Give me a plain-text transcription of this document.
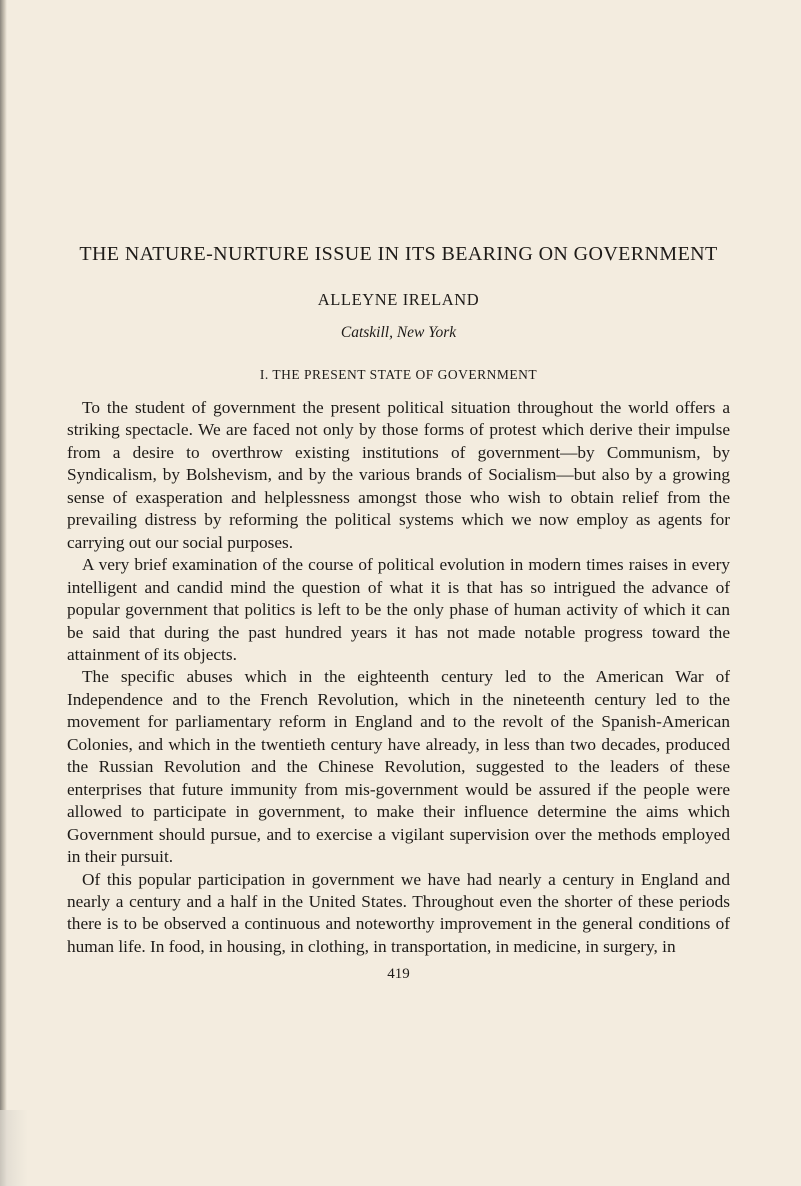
THE NATURE-NURTURE ISSUE IN ITS BEARING ON GOVERNMENT
ALLEYNE IRELAND
Catskill, New York
I. THE PRESENT STATE OF GOVERNMENT

To the student of government the present political situation throughout the world offers a striking spectacle. We are faced not only by those forms of protest which derive their impulse from a desire to overthrow existing institutions of government—by Communism, by Syndicalism, by Bolshevism, and by the various brands of Socialism—but also by a growing sense of exasperation and helplessness amongst those who wish to obtain relief from the prevailing distress by reforming the political systems which we now employ as agents for carrying out our social purposes.

A very brief examination of the course of political evolution in modern times raises in every intelligent and candid mind the question of what it is that has so intrigued the advance of popular government that politics is left to be the only phase of human activity of which it can be said that during the past hundred years it has not made notable progress toward the attainment of its objects.

The specific abuses which in the eighteenth century led to the American War of Independence and to the French Revolution, which in the nineteenth century led to the movement for parliamentary reform in England and to the revolt of the Spanish-American Colonies, and which in the twentieth century have already, in less than two decades, produced the Russian Revolution and the Chinese Revolution, suggested to the leaders of these enterprises that future immunity from mis-government would be assured if the people were allowed to participate in government, to make their influence determine the aims which Government should pursue, and to exercise a vigilant supervision over the methods employed in their pursuit.

Of this popular participation in government we have had nearly a century in England and nearly a century and a half in the United States. Throughout even the shorter of these periods there is to be observed a continuous and noteworthy improvement in the general conditions of human life. In food, in housing, in clothing, in transportation, in medicine, in surgery, in

419
